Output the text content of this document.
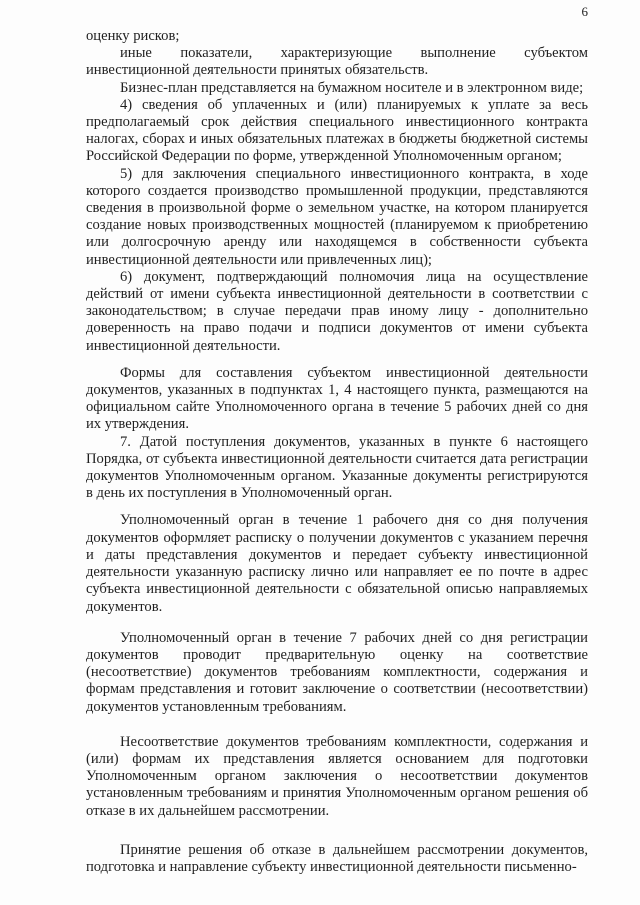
6

оценку рисков;

иные показатели, характеризующие выполнение субъектом инвестиционной деятельности принятых обязательств.

Бизнес-план представляется на бумажном носителе и в электронном виде;

4) сведения об уплаченных и (или) планируемых к уплате за весь предполагаемый срок действия специального инвестиционного контракта налогах, сборах и иных обязательных платежах в бюджеты бюджетной системы Российской Федерации по форме, утвержденной Уполномоченным органом;

5) для заключения специального инвестиционного контракта, в ходе которого создается производство промышленной продукции, представляются сведения в произвольной форме о земельном участке, на котором планируется создание новых производственных мощностей (планируемом к приобретению или долгосрочную аренду или находящемся в собственности субъекта инвестиционной деятельности или привлеченных лиц);

6) документ, подтверждающий полномочия лица на осуществление действий от имени субъекта инвестиционной деятельности в соответствии с законодательством; в случае передачи прав иному лицу - дополнительно доверенность на право подачи и подписи документов от имени субъекта инвестиционной деятельности.

Формы для составления субъектом инвестиционной деятельности документов, указанных в подпунктах 1, 4 настоящего пункта, размещаются на официальном сайте Уполномоченного органа в течение 5 рабочих дней со дня их утверждения.

7. Датой поступления документов, указанных в пункте 6 настоящего Порядка, от субъекта инвестиционной деятельности считается дата регистрации документов Уполномоченным органом. Указанные документы регистрируются в день их поступления в Уполномоченный орган.

Уполномоченный орган в течение 1 рабочего дня со дня получения документов оформляет расписку о получении документов с указанием перечня и даты представления документов и передает субъекту инвестиционной деятельности указанную расписку лично или направляет ее по почте в адрес субъекта инвестиционной деятельности с обязательной описью направляемых документов.

Уполномоченный орган в течение 7 рабочих дней со дня регистрации документов проводит предварительную оценку на соответствие (несоответствие) документов требованиям комплектности, содержания и формам представления и готовит заключение о соответствии (несоответствии) документов установленным требованиям.

Несоответствие документов требованиям комплектности, содержания и (или) формам их представления является основанием для подготовки Уполномоченным органом заключения о несоответствии документов установленным требованиям и принятия Уполномоченным органом решения об отказе в их дальнейшем рассмотрении.

Принятие решения об отказе в дальнейшем рассмотрении документов, подготовка и направление субъекту инвестиционной деятельности письменно-
